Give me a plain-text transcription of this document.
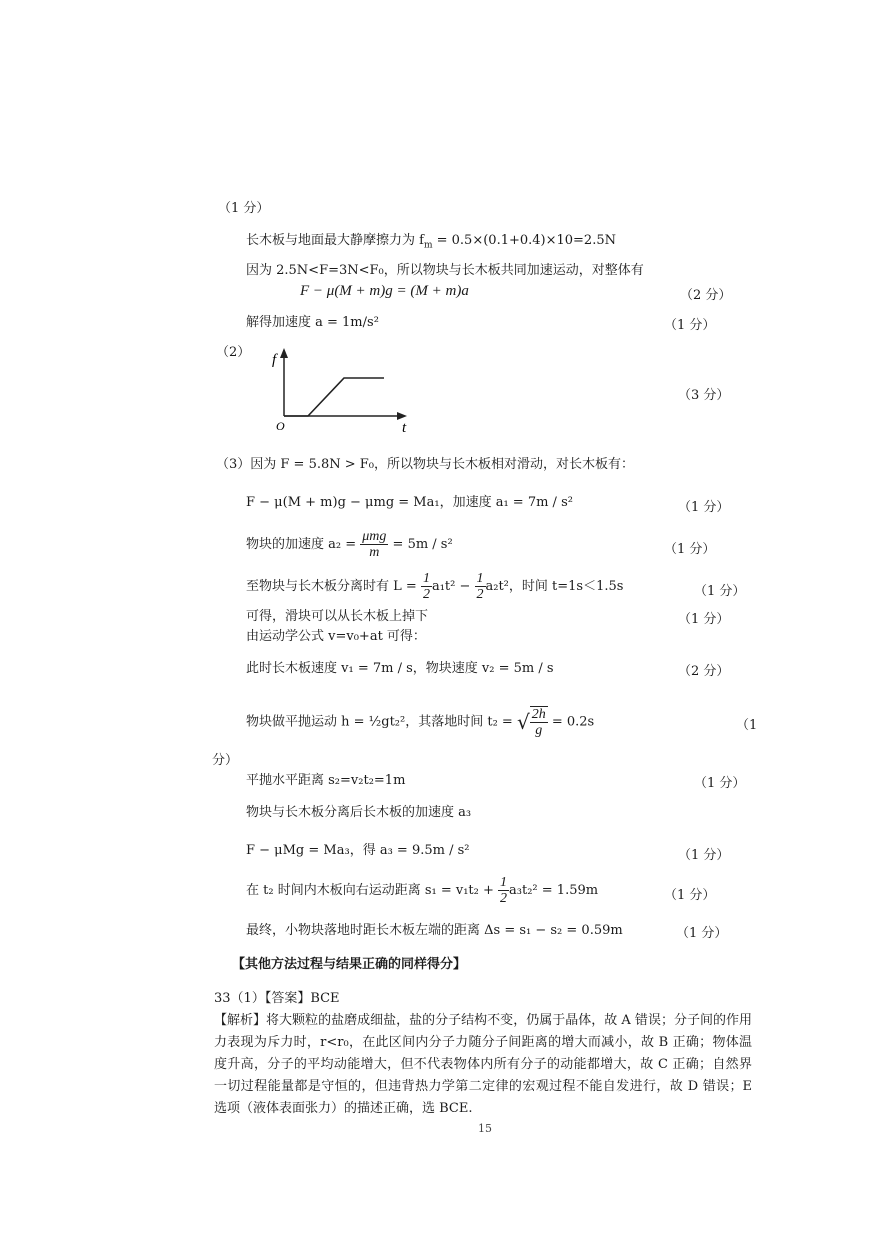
（1 分）
长木板与地面最大静摩擦力为 $f_m = 0.5\times(0.1+0.4)\times 10=2.5N$
因为 2.5N<F=3N<F₀，所以物块与长木板共同加速运动，对整体有
F − μ(M + m)g = (M + m)a	（2 分）
解得加速度 a = 1m/s²	（1 分）
（2） f
t
O
（3 分）
（3）因为 F = 5.8N > F₀，所以物块与长木板相对滑动，对长木板有：
F − μ(M + m)g − μmg = Ma₁，加速度 a₁ = 7m / s²	（1 分）
物块的加速度 $a_2 = \frac{\text{μmg}}{m} = 5m / s^2$	（1 分）
至物块与长木板分离时有 $L = \frac{1}{2} a_1t^2 - \frac{1}{2} a_2t^2$，时间 t=1s＜1.5s	（1 分）
可得，滑块可以从长木板上掉下	（1 分）
由运动学公式 v=v₀+at 可得：
此时长木板速度 v₁ = 7m / s，物块速度 v₂ = 5m / s	（2 分）
物块做平抛运动 h = ½gt₂²，其落地时间 t₂ = √ $\frac{2h}{g} = 0.2s$	（1
分）
平抛水平距离 s₂=v₂t₂=1m	（1 分）
物块与长木板分离后长木板的加速度 a₃
F − μMg = Ma₃，得 a₃ = 9.5m / s²	（1 分）
在 t₂ 时间内木板向右运动距离 $s_1 = v_1t_2 + \frac{1}{2} a_3t_2^2 = 1.59m$	（1 分）
最终，小物块落地时距长木板左端的距离 Δs = s₁ − s₂ = 0.59m	（1 分）
【其他方法过程与结果正确的同样得分】
33（1）【答案】BCE
【解析】将大颗粒的盐磨成细盐，盐的分子结构不变，仍属于晶体，故 A 错误；分子间的作用力表现为斥力时，r<r₀，在此区间内分子力随分子间距离的增大而减小，故 B 正确；物体温度升高，分子的平均动能增大，但不代表物体内所有分子的动能都增大，故 C 正确；自然界一切过程能量都是守恒的，但违背热力学第二定律的宏观过程不能自发进行，故 D 错误；E 选项（液体表面张力）的描述正确，选 BCE.
15
